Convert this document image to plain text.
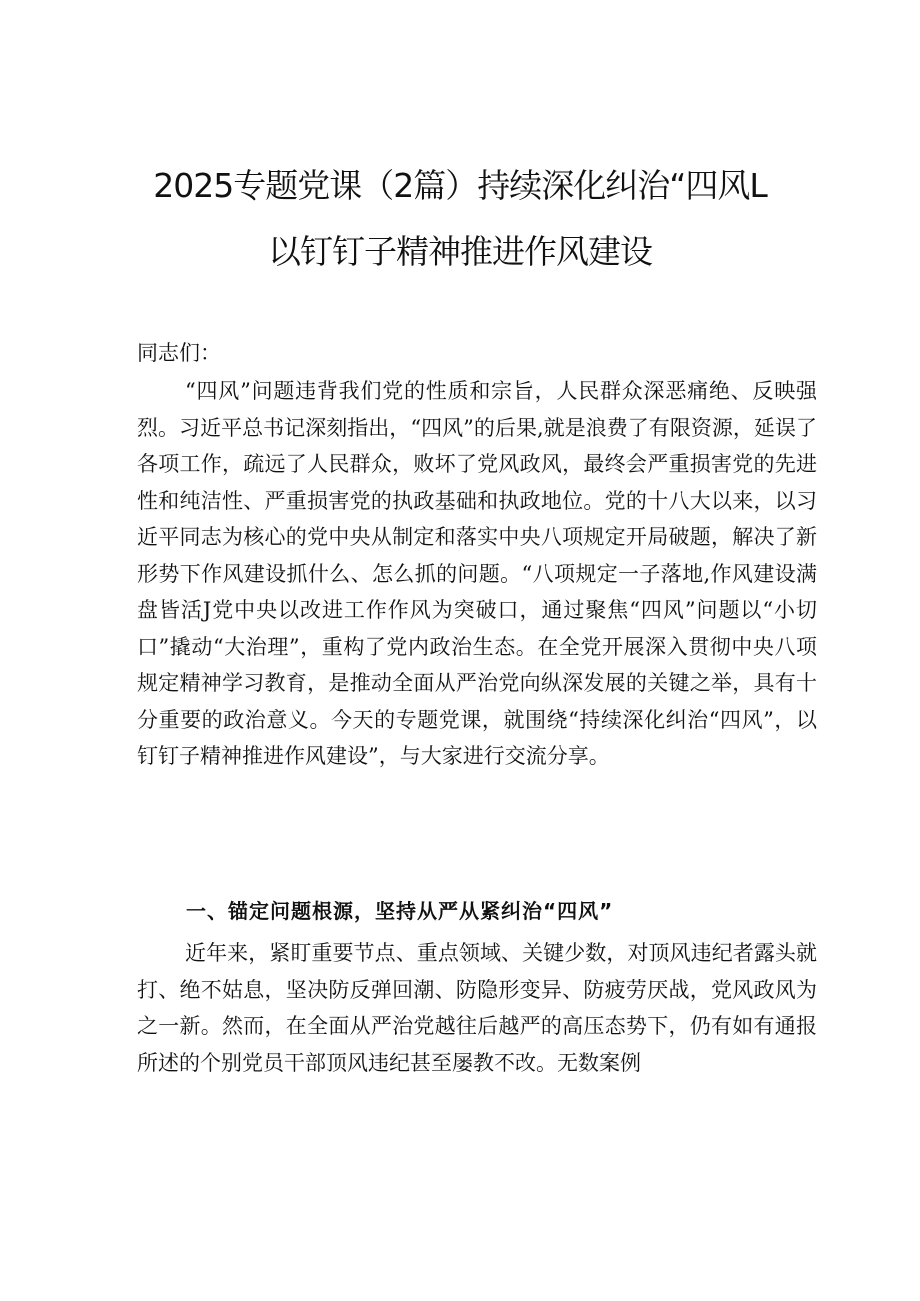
2025专题党课（2篇）持续深化纠治“四风L
以钉钉子精神推进作风建设
同志们：

“四风”问题违背我们党的性质和宗旨，人民群众深恶痛绝、反映强烈。习近平总书记深刻指出，“四风”的后果,就是浪费了有限资源，延误了各项工作，疏远了人民群众，败坏了党风政风，最终会严重损害党的先进性和纯洁性、严重损害党的执政基础和执政地位。党的十八大以来，以习近平同志为核心的党中央从制定和落实中央八项规定开局破题，解决了新形势下作风建设抓什么、怎么抓的问题。“八项规定一子落地,作风建设满盘皆活J党中央以改进工作作风为突破口，通过聚焦“四风”问题以“小切口”撬动“大治理”，重构了党内政治生态。在全党开展深入贯彻中央八项规定精神学习教育，是推动全面从严治党向纵深发展的关键之举，具有十分重要的政治意义。今天的专题党课，就围绕“持续深化纠治“四风”，以钉钉子精神推进作风建设”，与大家进行交流分享。

一、锚定问题根源，坚持从严从紧纠治“四风”

近年来，紧盯重要节点、重点领域、关键少数，对顶风违纪者露头就打、绝不姑息，坚决防反弹回潮、防隐形变异、防疲劳厌战，党风政风为之一新。然而，在全面从严治党越往后越严的高压态势下，仍有如有通报所述的个别党员干部顶风违纪甚至屡教不改。无数案例
